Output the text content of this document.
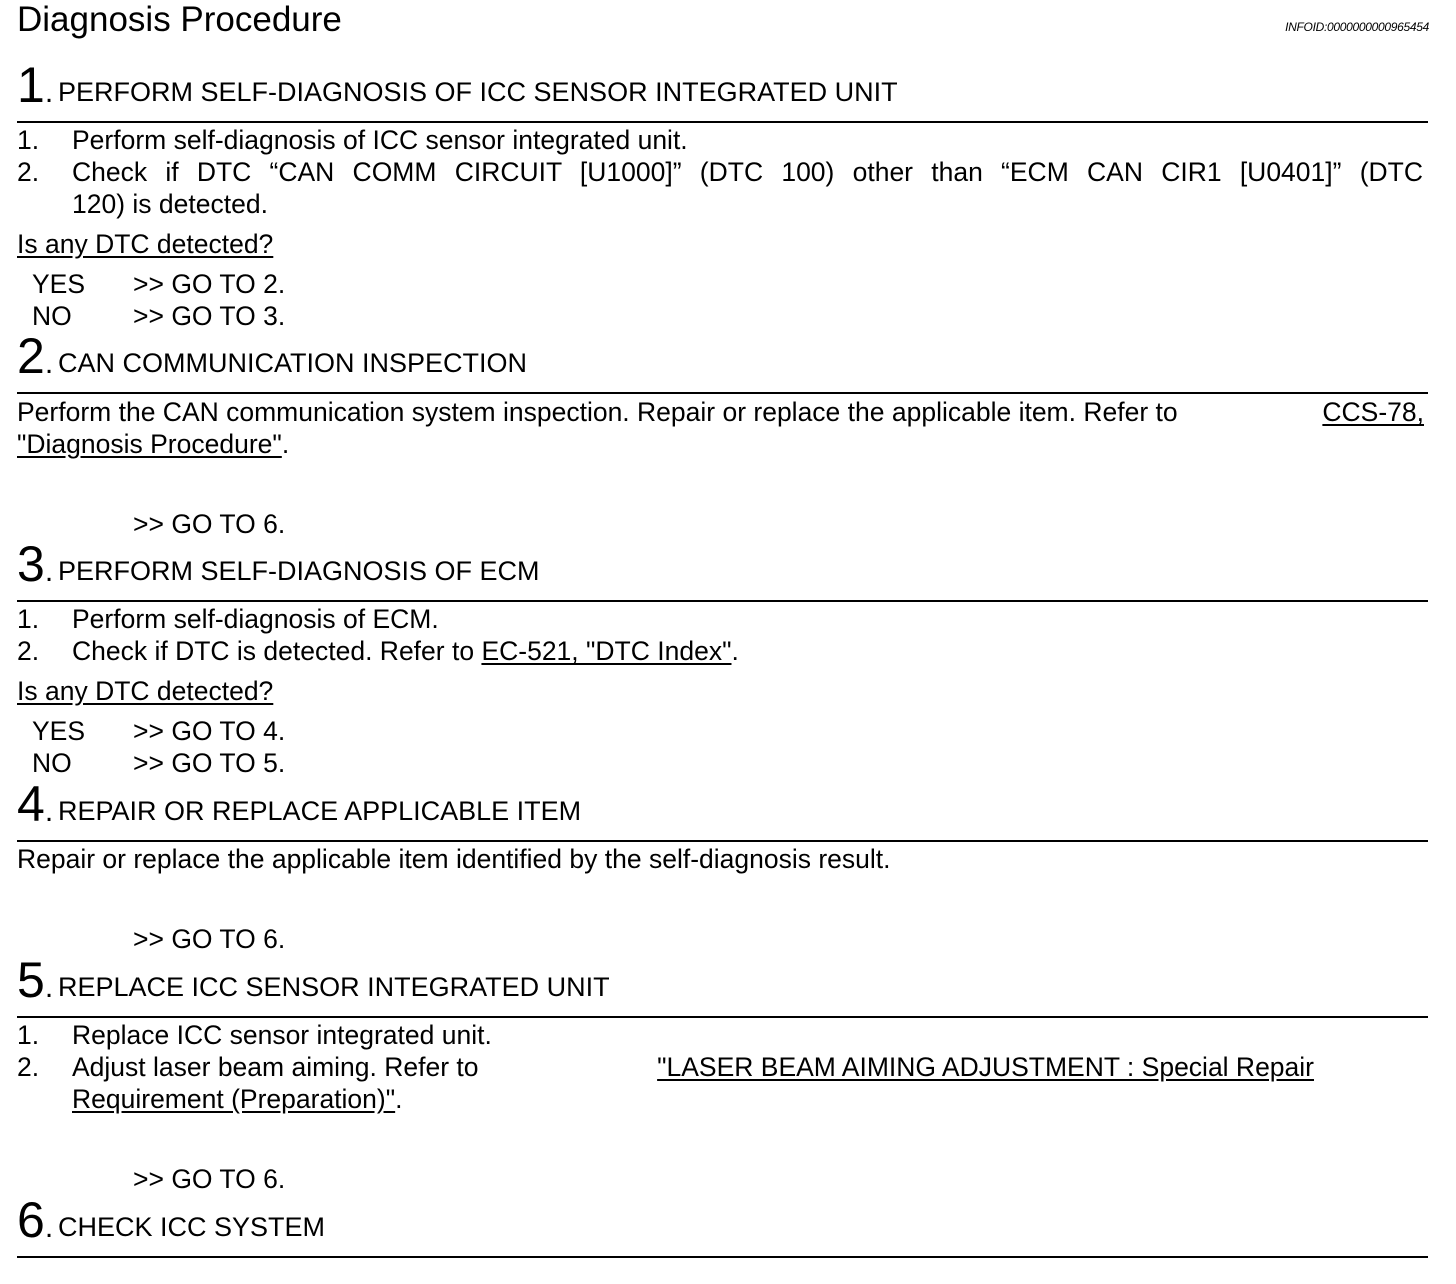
Diagnosis Procedure	INFOID:0000000000965454
1. PERFORM SELF-DIAGNOSIS OF ICC SENSOR INTEGRATED UNIT
1. Perform self-diagnosis of ICC sensor integrated unit.
2. Check if DTC “CAN COMM CIRCUIT [U1000]” (DTC 100) other than “ECM CAN CIR1 [U0401]” (DTC
120) is detected.
Is any DTC detected?
YES >> GO TO 2.
NO >> GO TO 3.
2. CAN COMMUNICATION INSPECTION
Perform the CAN communication system inspection. Repair or replace the applicable item. Refer to	CCS-78,
"Diagnosis Procedure".
>> GO TO 6.
3. PERFORM SELF-DIAGNOSIS OF ECM
1. Perform self-diagnosis of ECM.
2. Check if DTC is detected. Refer to EC-521, "DTC Index".
Is any DTC detected?
YES >> GO TO 4.
NO >> GO TO 5.
4. REPAIR OR REPLACE APPLICABLE ITEM
Repair or replace the applicable item identified by the self-diagnosis result.
>> GO TO 6.
5. REPLACE ICC SENSOR INTEGRATED UNIT
1. Replace ICC sensor integrated unit.
2. Adjust laser beam aiming. Refer to	"LASER BEAM AIMING ADJUSTMENT : Special Repair
Requirement (Preparation)".
>> GO TO 6.
6. CHECK ICC SYSTEM
